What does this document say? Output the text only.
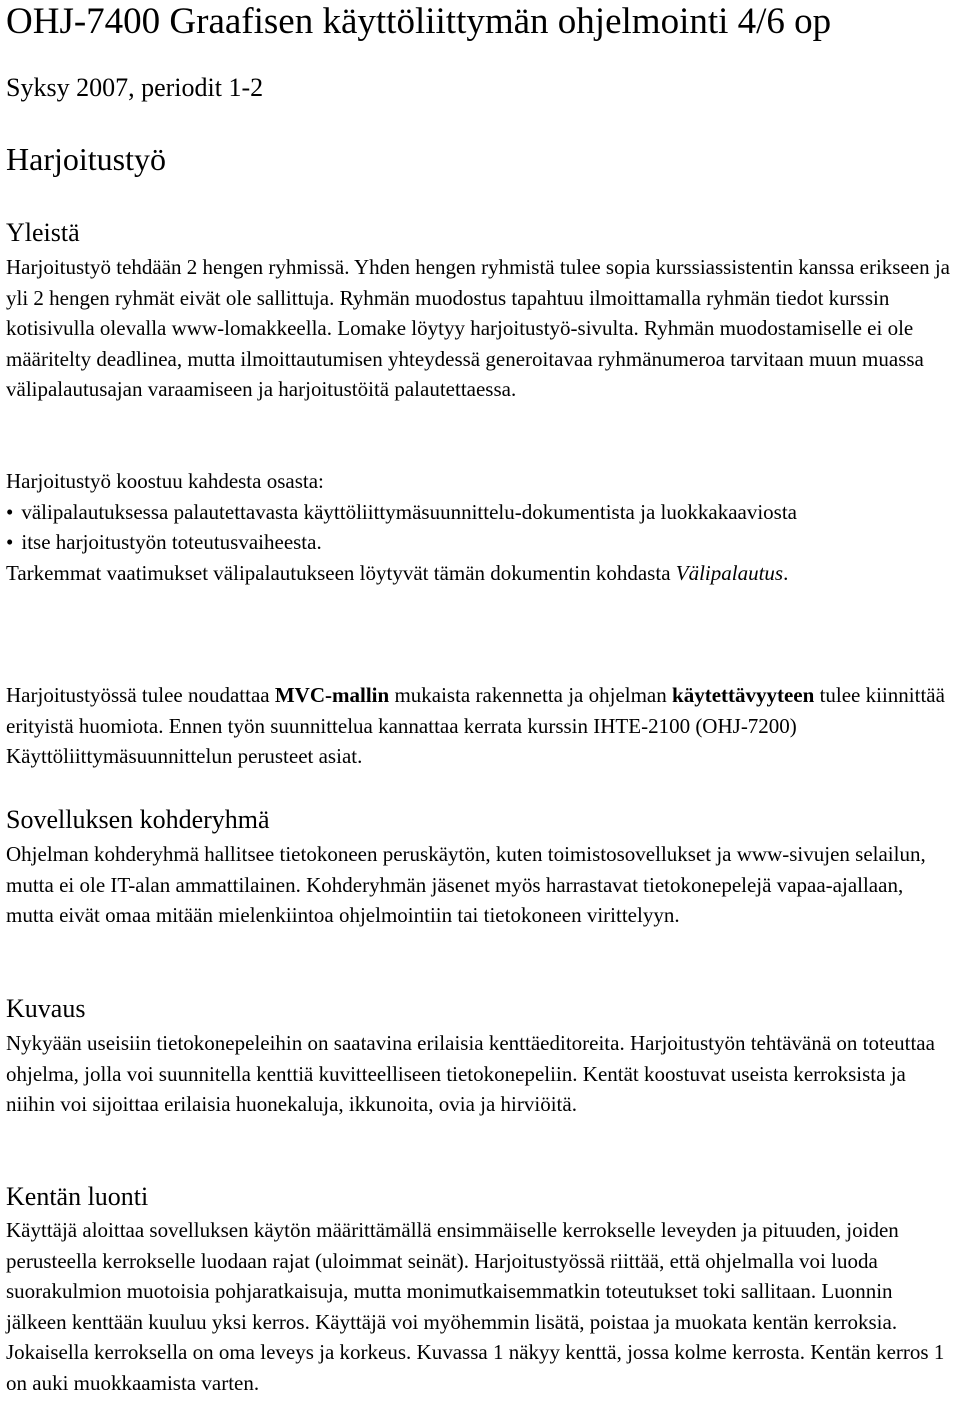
OHJ-7400 Graafisen käyttöliittymän ohjelmointi 4/6 op
Syksy 2007, periodit 1-2
Harjoitustyö
Yleistä

Harjoitustyö tehdään 2 hengen ryhmissä. Yhden hengen ryhmistä tulee sopia kurssiassistentin kanssa erikseen ja yli 2 hengen ryhmät eivät ole sallittuja. Ryhmän muodostus tapahtuu ilmoittamalla ryhmän tiedot kurssin kotisivulla olevalla www-lomakkeella. Lomake löytyy harjoitustyö-sivulta. Ryhmän muodostamiselle ei ole määritelty deadlinea, mutta ilmoittautumisen yhteydessä generoitavaa ryhmänumeroa tarvitaan muun muassa välipalautusajan varaamiseen ja harjoitustöitä palautettaessa.

Harjoitustyö koostuu kahdesta osasta:
• välipalautuksessa palautettavasta käyttöliittymäsuunnittelu-dokumentista ja luokkakaaviosta
• itse harjoitustyön toteutusvaiheesta.
Tarkemmat vaatimukset välipalautukseen löytyvät tämän dokumentin kohdasta Välipalautus.

Harjoitustyössä tulee noudattaa MVC-mallin mukaista rakennetta ja ohjelman käytettävyyteen tulee kiinnittää erityistä huomiota. Ennen työn suunnittelua kannattaa kerrata kurssin IHTE-2100 (OHJ-7200) Käyttöliittymäsuunnittelun perusteet asiat.

Sovelluksen kohderyhmä

Ohjelman kohderyhmä hallitsee tietokoneen peruskäytön, kuten toimistosovellukset ja www-sivujen selailun, mutta ei ole IT-alan ammattilainen. Kohderyhmän jäsenet myös harrastavat tietokonepelejä vapaa-ajallaan, mutta eivät omaa mitään mielenkiintoa ohjelmointiin tai tietokoneen virittelyyn.

Kuvaus

Nykyään useisiin tietokonepeleihin on saatavina erilaisia kenttäeditoreita. Harjoitustyön tehtävänä on toteuttaa ohjelma, jolla voi suunnitella kenttiä kuvitteelliseen tietokonepeliin. Kentät koostuvat useista kerroksista ja niihin voi sijoittaa erilaisia huonekaluja, ikkunoita, ovia ja hirviöitä.

Kentän luonti

Käyttäjä aloittaa sovelluksen käytön määrittämällä ensimmäiselle kerrokselle leveyden ja pituuden, joiden perusteella kerrokselle luodaan rajat (uloimmat seinät). Harjoitustyössä riittää, että ohjelmalla voi luoda suorakulmion muotoisia pohjaratkaisuja, mutta monimutkaisemmatkin toteutukset toki sallitaan. Luonnin jälkeen kenttään kuuluu yksi kerros. Käyttäjä voi myöhemmin lisätä, poistaa ja muokata kentän kerroksia. Jokaisella kerroksella on oma leveys ja korkeus. Kuvassa 1 näkyy kenttä, jossa kolme kerrosta. Kentän kerros 1 on auki muokkaamista varten.
